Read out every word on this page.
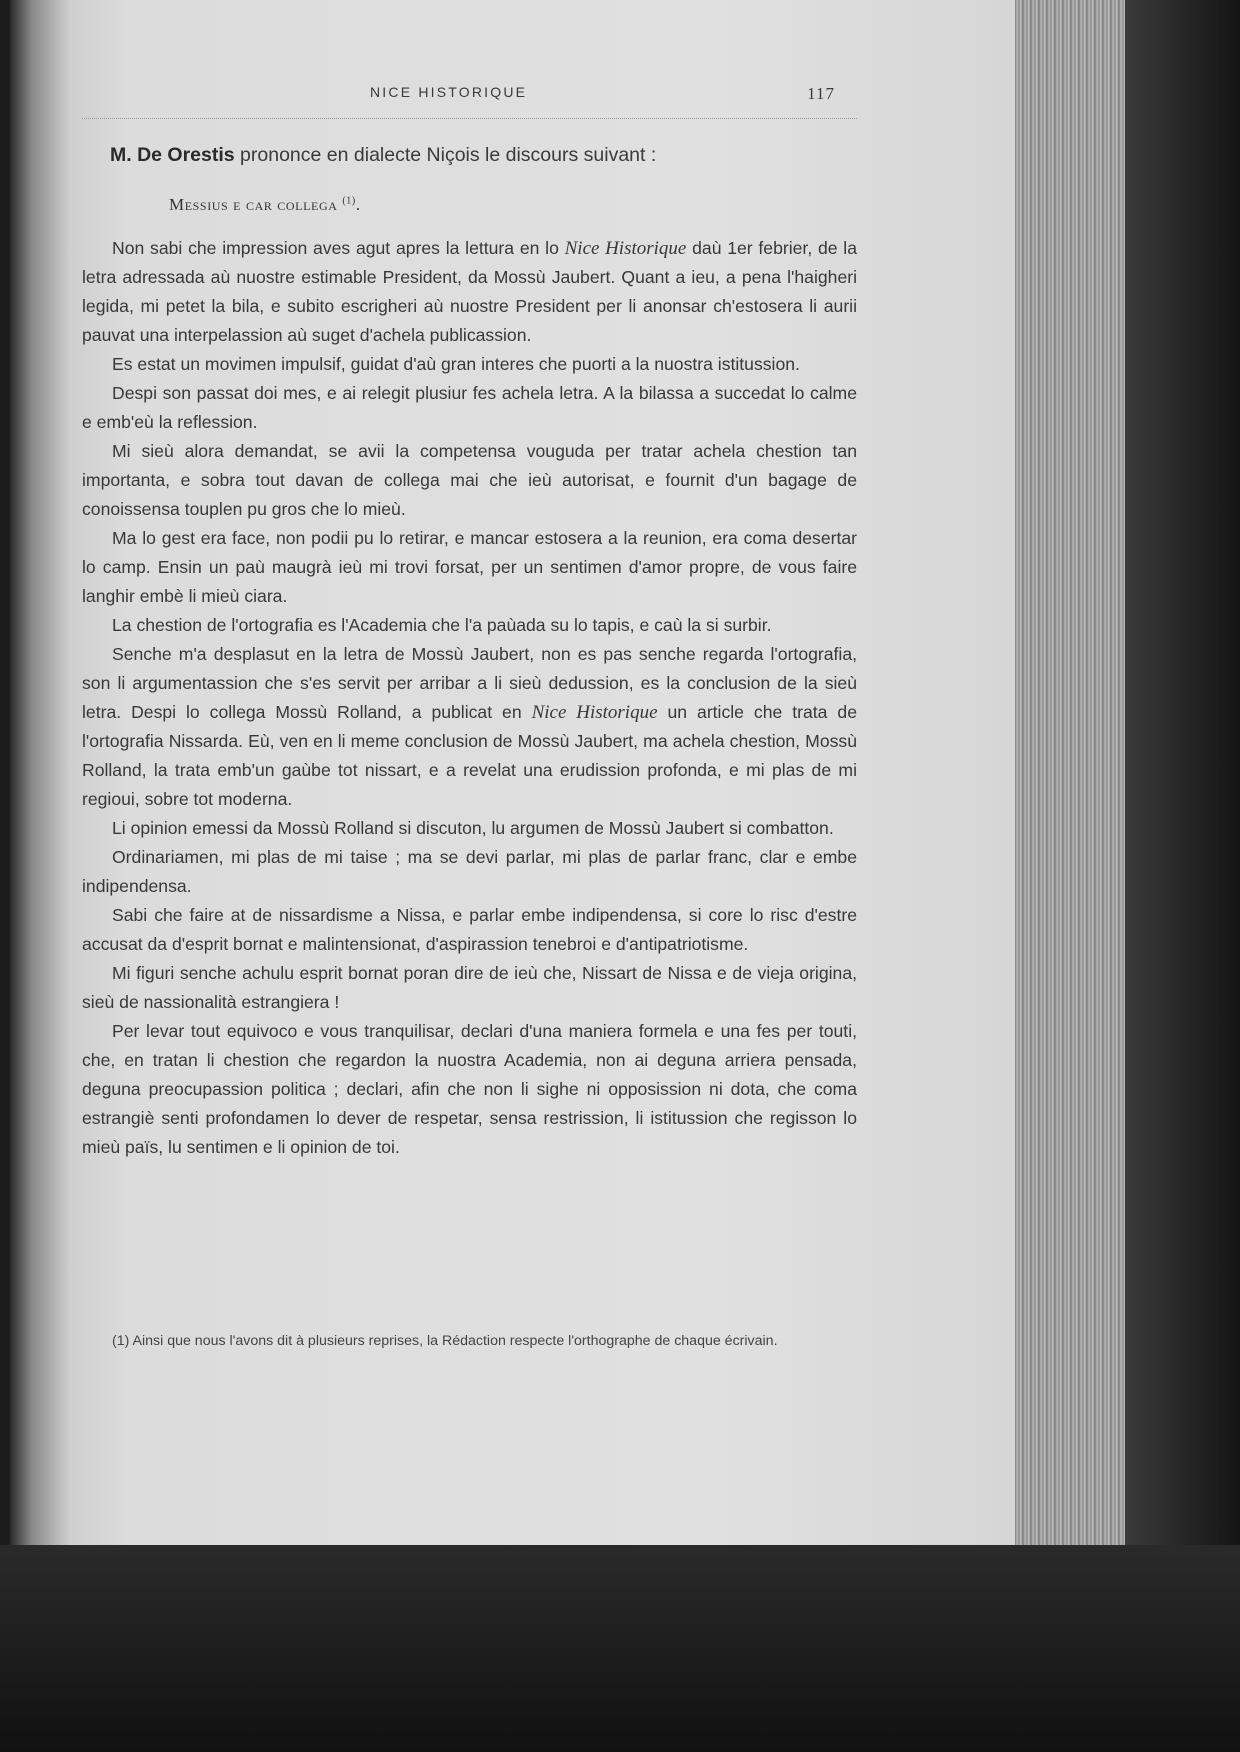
NICE HISTORIQUE	117
M. De Orestis prononce en dialecte Niçois le discours suivant :
Messius e car collega $^{(1)}$.

Non sabi che impression aves agut apres la lettura en lo Nice Historique daù 1er febrier, de la letra adressada aù nuostre estimable President, da Mossù Jaubert. Quant a ieu, a pena l'haigheri legida, mi petet la bila, e subito escrigheri aù nuostre President per li anonsar ch'estosera li aurii pauvat una interpelassion aù suget d'achela publicassion.

Es estat un movimen impulsif, guidat d'aù gran interes che puorti a la nuostra istitussion.

Despi son passat doi mes, e ai relegit plusiur fes achela letra. A la bilassa a succedat lo calme e emb'eù la reflession.

Mi sieù alora demandat, se avii la competensa vouguda per tratar achela chestion tan importanta, e sobra tout davan de collega mai che ieù autorisat, e fournit d'un bagage de conoissensa touplen pu gros che lo mieù.

Ma lo gest era face, non podii pu lo retirar, e mancar estosera a la reunion, era coma desertar lo camp. Ensin un paù maugrà ieù mi trovi forsat, per un sentimen d'amor propre, de vous faire langhir embè li mieù ciara.

La chestion de l'ortografia es l'Academia che l'a paùada su lo tapis, e caù la si surbir.

Senche m'a desplasut en la letra de Mossù Jaubert, non es pas senche regarda l'ortografia, son li argumentassion che s'es servit per arribar a li sieù dedussion, es la conclusion de la sieù letra. Despi lo collega Mossù Rolland, a publicat en Nice Historique un article che trata de l'ortografia Nissarda. Eù, ven en li meme conclusion de Mossù Jaubert, ma achela chestion, Mossù Rolland, la trata emb'un gaùbe tot nissart, e a revelat una erudission profonda, e mi plas de mi regioui, sobre tot moderna.

Li opinion emessi da Mossù Rolland si discuton, lu argumen de Mossù Jaubert si combatton.

Ordinariamen, mi plas de mi taise ; ma se devi parlar, mi plas de parlar franc, clar e embe indipendensa.

Sabi che faire at de nissardisme a Nissa, e parlar embe indipendensa, si core lo risc d'estre accusat da d'esprit bornat e malintensionat, d'aspirassion tenebroi e d'antipatriotisme.

Mi figuri senche achulu esprit bornat poran dire de ieù che, Nissart de Nissa e de vieja origina, sieù de nassionalità estrangiera !

Per levar tout equivoco e vous tranquilisar, declari d'una maniera formela e una fes per touti, che, en tratan li chestion che regardon la nuostra Academia, non ai deguna arriera pensada, deguna preocupassion politica ; declari, afin che non li sighe ni opposission ni dota, che coma estrangiè senti profondamen lo dever de respetar, sensa restrission, li istitussion che regisson lo mieù païs, lu sentimen e li opinion de toi.

(1) Ainsi que nous l'avons dit à plusieurs reprises, la Rédaction respecte l'orthographe de chaque écrivain.
